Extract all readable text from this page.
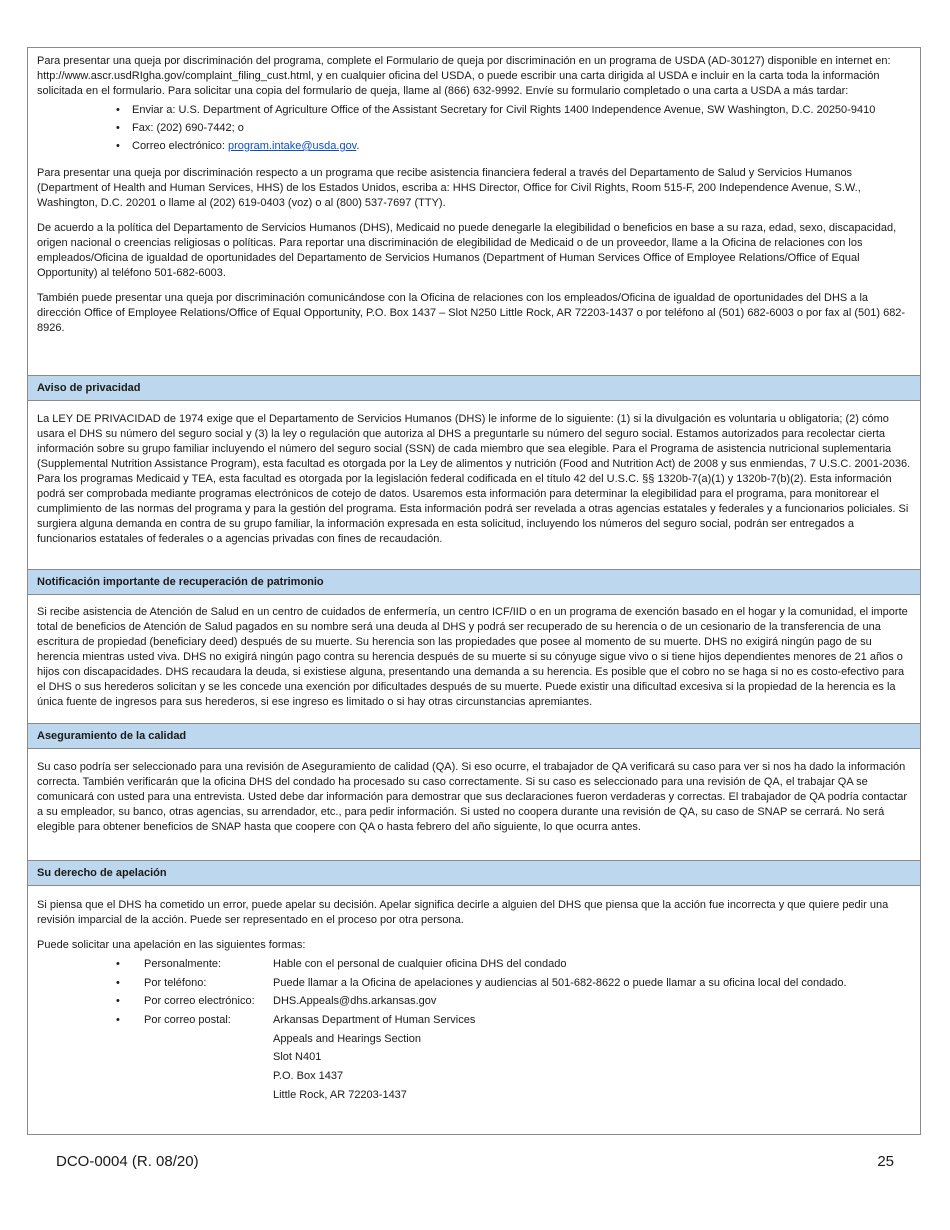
Para presentar una queja por discriminación del programa, complete el Formulario de queja por discriminación en un programa de USDA (AD-30127) disponible en internet en: http://www.ascr.usdRIgha.gov/complaint_filing_cust.html, y en cualquier oficina del USDA, o puede escribir una carta dirigida al USDA e incluir en la carta toda la información solicitada en el formulario. Para solicitar una copia del formulario de queja, llame al (866) 632-9992. Envíe su formulario completado o una carta a USDA a más tardar:

• Enviar a: U.S. Department of Agriculture Office of the Assistant Secretary for Civil Rights 1400 Independence Avenue, SW Washington, D.C. 20250-9410
• Fax: (202) 690-7442; o
• Correo electrónico: program.intake@usda.gov.

Para presentar una queja por discriminación respecto a un programa que recibe asistencia financiera federal a través del Departamento de Salud y Servicios Humanos (Department of Health and Human Services, HHS) de los Estados Unidos, escriba a: HHS Director, Office for Civil Rights, Room 515-F, 200 Independence Avenue, S.W., Washington, D.C. 20201 o llame al (202) 619-0403 (voz) o al (800) 537-7697 (TTY).

De acuerdo a la política del Departamento de Servicios Humanos (DHS), Medicaid no puede denegarle la elegibilidad o beneficios en base a su raza, edad, sexo, discapacidad, origen nacional o creencias religiosas o políticas. Para reportar una discriminación de elegibilidad de Medicaid o de un proveedor, llame a la Oficina de relaciones con los empleados/Oficina de igualdad de oportunidades del Departamento de Servicios Humanos (Department of Human Services Office of Employee Relations/Office of Equal Opportunity) al teléfono 501-682-6003.

También puede presentar una queja por discriminación comunicándose con la Oficina de relaciones con los empleados/Oficina de igualdad de oportunidades del DHS a la dirección Office of Employee Relations/Office of Equal Opportunity, P.O. Box 1437 – Slot N250 Little Rock, AR 72203-1437 o por teléfono al (501) 682-6003 o por fax al (501) 682-8926.

Aviso de privacidad

La LEY DE PRIVACIDAD de 1974 exige que el Departamento de Servicios Humanos (DHS) le informe de lo siguiente: (1) si la divulgación es voluntaria u obligatoria; (2) cómo usara el DHS su número del seguro social y (3) la ley o regulación que autoriza al DHS a preguntarle su número del seguro social. Estamos autorizados para recolectar cierta información sobre su grupo familiar incluyendo el número del seguro social (SSN) de cada miembro que sea elegible. Para el Programa de asistencia nutricional suplementaria (Supplemental Nutrition Assistance Program), esta facultad es otorgada por la Ley de alimentos y nutrición (Food and Nutrition Act) de 2008 y sus enmiendas, 7 U.S.C. 2001-2036. Para los programas Medicaid y TEA, esta facultad es otorgada por la legislación federal codificada en el título 42 del U.S.C. §§ 1320b-7(a)(1) y 1320b-7(b)(2). Esta información podrá ser comprobada mediante programas electrónicos de cotejo de datos. Usaremos esta información para determinar la elegibilidad para el programa, para monitorear el cumplimiento de las normas del programa y para la gestión del programa. Esta información podrá ser revelada a otras agencias estatales y federales y a funcionarios policiales. Si surgiera alguna demanda en contra de su grupo familiar, la información expresada en esta solicitud, incluyendo los números del seguro social, podrán ser entregados a funcionarios estatales of federales o a agencias privadas con fines de recaudación.

Notificación importante de recuperación de patrimonio

Si recibe asistencia de Atención de Salud en un centro de cuidados de enfermería, un centro ICF/IID o en un programa de exención basado en el hogar y la comunidad, el importe total de beneficios de Atención de Salud pagados en su nombre será una deuda al DHS y podrá ser recuperado de su herencia o de un cesionario de la transferencia de una escritura de propiedad (beneficiary deed) después de su muerte. Su herencia son las propiedades que posee al momento de su muerte. DHS no exigirá ningún pago de su herencia mientras usted viva. DHS no exigirá ningún pago contra su herencia después de su muerte si su cónyuge sigue vivo o si tiene hijos dependientes menores de 21 años o hijos con discapacidades. DHS recaudara la deuda, si existiese alguna, presentando una demanda a su herencia. Es posible que el cobro no se haga si no es costo-efectivo para el DHS o sus herederos solicitan y se les concede una exención por dificultades después de su muerte. Puede existir una dificultad excesiva si la propiedad de la herencia es la única fuente de ingresos para sus herederos, si ese ingreso es limitado o si hay otras circunstancias apremiantes.

Aseguramiento de la calidad

Su caso podría ser seleccionado para una revisión de Aseguramiento de calidad (QA). Si eso ocurre, el trabajador de QA verificará su caso para ver si nos ha dado la información correcta. También verificarán que la oficina DHS del condado ha procesado su caso correctamente. Si su caso es seleccionado para una revisión de QA, el trabajar QA se comunicará con usted para una entrevista. Usted debe dar información para demostrar que sus declaraciones fueron verdaderas y correctas. El trabajador de QA podría contactar a su empleador, su banco, otras agencias, su arrendador, etc., para pedir información. Si usted no coopera durante una revisión de QA, su caso de SNAP se cerrará. No será elegible para obtener beneficios de SNAP hasta que coopere con QA o hasta febrero del año siguiente, lo que ocurra antes.

Su derecho de apelación

Si piensa que el DHS ha cometido un error, puede apelar su decisión. Apelar significa decirle a alguien del DHS que piensa que la acción fue incorrecta y que quiere pedir una revisión imparcial de la acción. Puede ser representado en el proceso por otra persona.

Puede solicitar una apelación en las siguientes formas:

•	Personalmente:	Hable con el personal de cualquier oficina DHS del condado
•	Por teléfono:	Puede llamar a la Oficina de apelaciones y audiencias al 501-682-8622 o puede llamar a su oficina local del condado.
•	Por correo electrónico:	DHS.Appeals@dhs.arkansas.gov
•	Por correo postal:	Arkansas Department of Human Services
Appeals and Hearings Section
Slot N401
P.O. Box 1437
Little Rock, AR 72203-1437
DCO-0004 (R. 08/20)	25
